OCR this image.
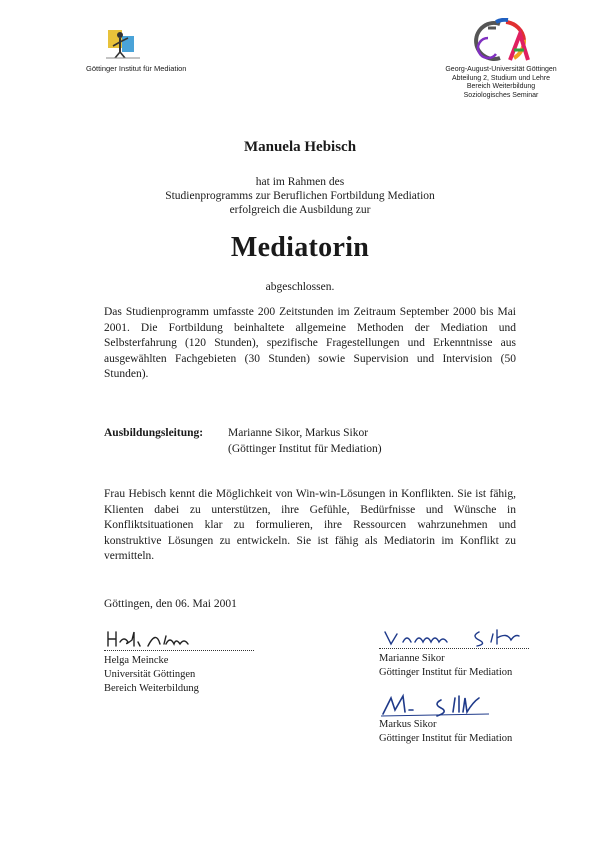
Göttinger Institut für Mediation	Georg-August-Universität Göttingen
Abteilung 2, Studium und Lehre
Bereich Weiterbildung
Soziologisches Seminar
Manuela Hebisch
hat im Rahmen des
Studienprogramms zur Beruflichen Fortbildung Mediation
erfolgreich die Ausbildung zur
Mediatorin
abgeschlossen.
Das Studienprogramm umfasste 200 Zeitstunden im Zeitraum September 2000 bis Mai 2001. Die Fortbildung beinhaltete allgemeine Methoden der Mediation und Selbsterfahrung (120 Stunden), spezifische Fragestellungen und Erkenntnisse aus ausgewählten Fachgebieten (30 Stunden) sowie Supervision und Intervision (50 Stunden).
Ausbildungsleitung: Marianne Sikor, Markus Sikor
(Göttinger Institut für Mediation)
Frau Hebisch kennt die Möglichkeit von Win-win-Lösungen in Konflikten. Sie ist fähig, Klienten dabei zu unterstützen, ihre Gefühle, Bedürfnisse und Wünsche in Konfliktsituationen klar zu formulieren, ihre Ressourcen wahrzunehmen und konstruktive Lösungen zu entwickeln. Sie ist fähig als Mediatorin im Konflikt zu vermitteln.
Göttingen, den 06. Mai 2001
Helga Meincke
Universität Göttingen
Bereich Weiterbildung
Marianne Sikor
Göttinger Institut für Mediation
Markus Sikor
Göttinger Institut für Mediation
